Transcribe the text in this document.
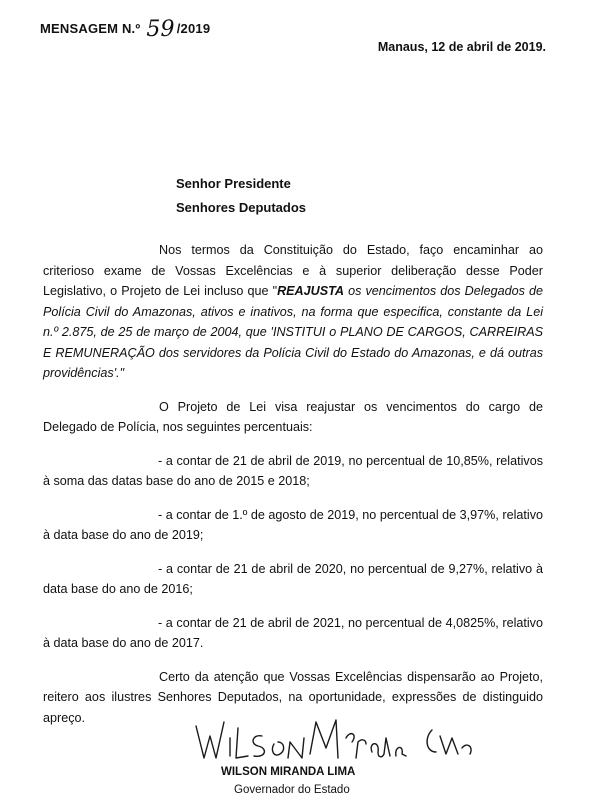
MENSAGEM N.º 59 /2019
Manaus, 12 de abril de 2019.
Senhor Presidente
Senhores Deputados

Nos termos da Constituição do Estado, faço encaminhar ao criterioso exame de Vossas Excelências e à superior deliberação desse Poder Legislativo, o Projeto de Lei incluso que "REAJUSTA os vencimentos dos Delegados de Polícia Civil do Amazonas, ativos e inativos, na forma que especifica, constante da Lei n.º 2.875, de 25 de março de 2004, que 'INSTITUI o PLANO DE CARGOS, CARREIRAS E REMUNERAÇÃO dos servidores da Polícia Civil do Estado do Amazonas, e dá outras providências'."

O Projeto de Lei visa reajustar os vencimentos do cargo de Delegado de Polícia, nos seguintes percentuais:

- a contar de 21 de abril de 2019, no percentual de 10,85%, relativos à soma das datas base do ano de 2015 e 2018;

- a contar de 1.º de agosto de 2019, no percentual de 3,97%, relativo à data base do ano de 2019;

- a contar de 21 de abril de 2020, no percentual de 9,27%, relativo à data base do ano de 2016;

- a contar de 21 de abril de 2021, no percentual de 4,0825%, relativo à data base do ano de 2017.

Certo da atenção que Vossas Excelências dispensarão ao Projeto, reitero aos ilustres Senhores Deputados, na oportunidade, expressões de distinguido apreço.

WILSON MIRANDA LIMA
Governador do Estado
